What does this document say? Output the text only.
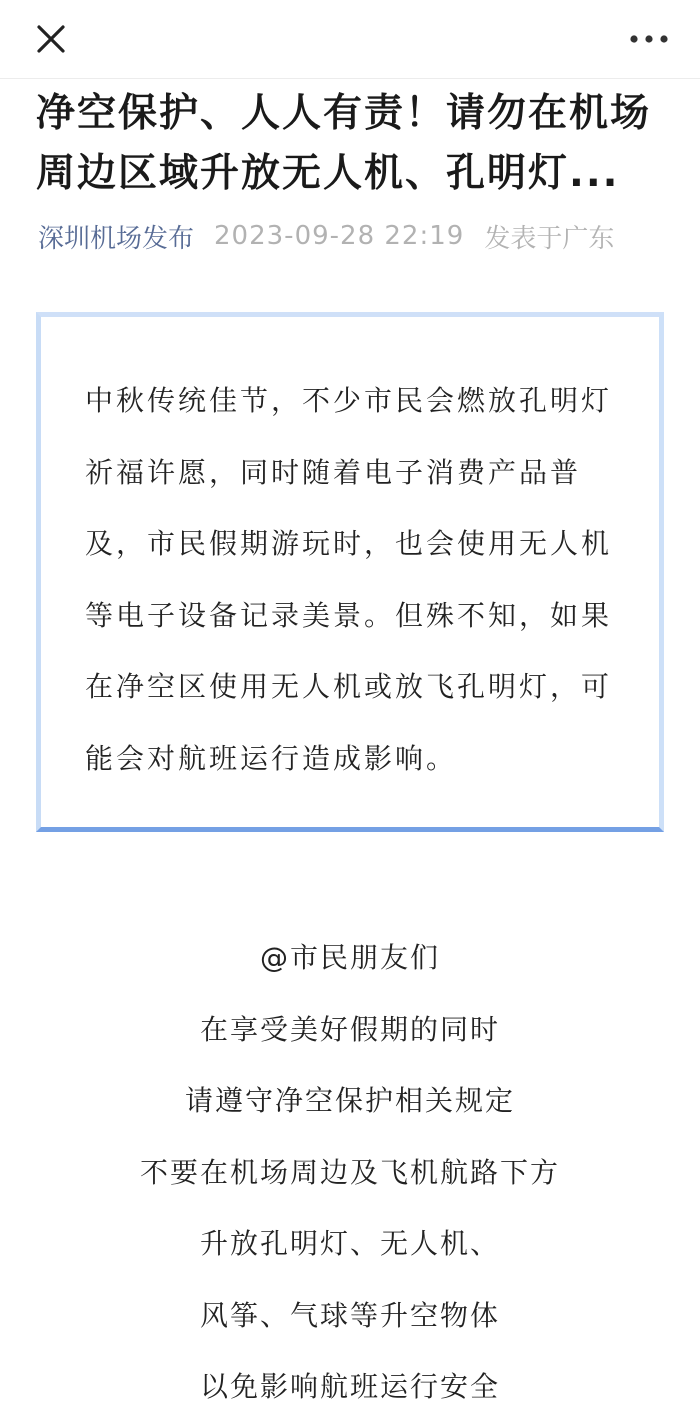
净空保护、人人有责！请勿在机场周边区域升放无人机、孔明灯...
深圳机场发布 2023-09-28 22:19 发表于广东

中秋传统佳节，不少市民会燃放孔明灯祈福许愿，同时随着电子消费产品普及，市民假期游玩时，也会使用无人机等电子设备记录美景。但殊不知，如果在净空区使用无人机或放飞孔明灯，可能会对航班运行造成影响。

@市民朋友们
在享受美好假期的同时
请遵守净空保护相关规定
不要在机场周边及飞机航路下方
升放孔明灯、无人机、
风筝、气球等升空物体
以免影响航班运行安全
